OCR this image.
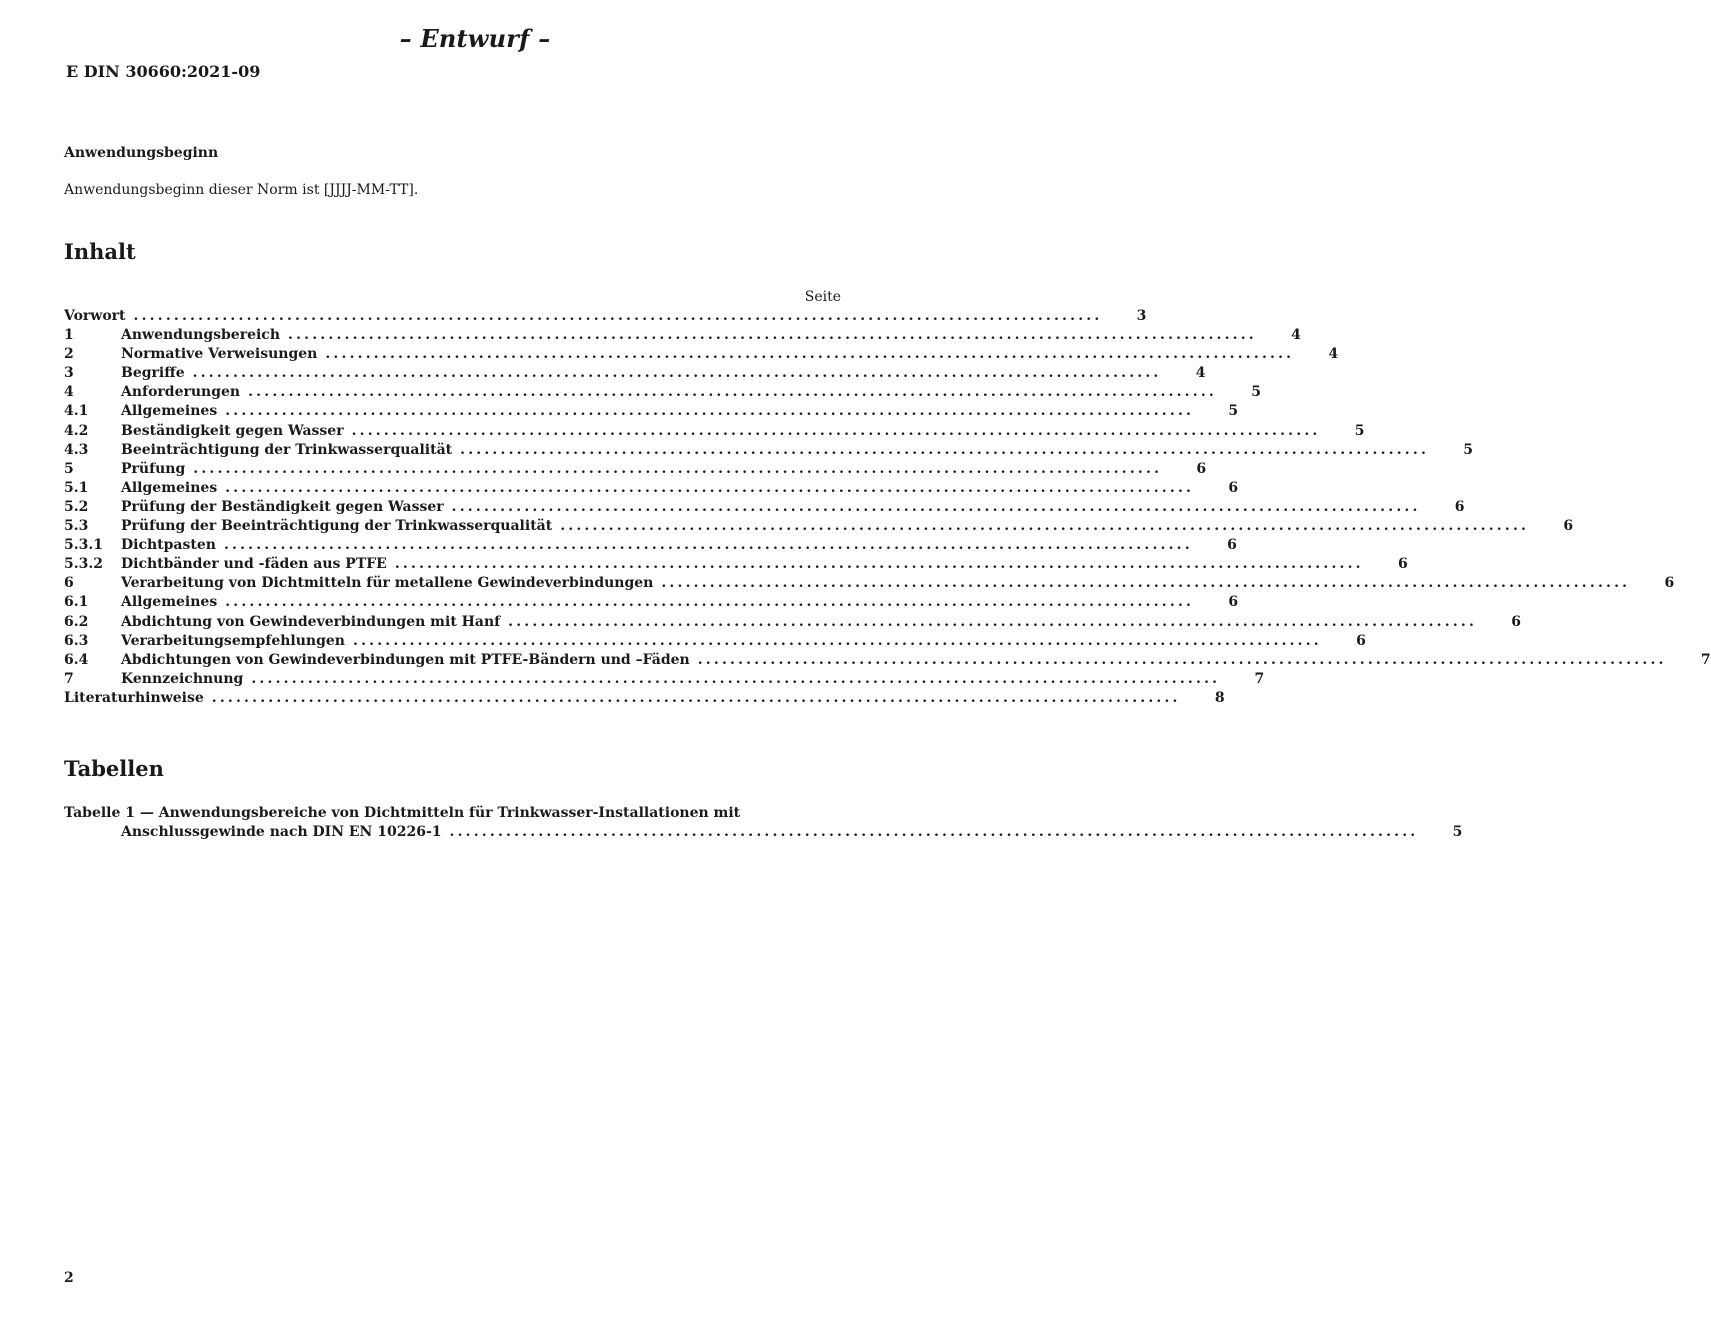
– Entwurf –
E DIN 30660:2021-09
Anwendungsbeginn
Anwendungsbeginn dieser Norm ist [JJJJ-MM-TT].
Inhalt
Seite
Vorwort ........................................................................................................................	3
1	Anwendungsbereich ........................................................................................................................	4
2	Normative Verweisungen ........................................................................................................................	4
3	Begriffe ........................................................................................................................	4
4	Anforderungen ........................................................................................................................	5
4.1	Allgemeines ........................................................................................................................	5
4.2	Beständigkeit gegen Wasser ........................................................................................................................	5
4.3	Beeinträchtigung der Trinkwasserqualität ........................................................................................................................	5
5	Prüfung ........................................................................................................................	6
5.1	Allgemeines ........................................................................................................................	6
5.2	Prüfung der Beständigkeit gegen Wasser ........................................................................................................................	6
5.3	Prüfung der Beeinträchtigung der Trinkwasserqualität ........................................................................................................................	6
5.3.1	Dichtpasten ........................................................................................................................	6
5.3.2	Dichtbänder und -fäden aus PTFE ........................................................................................................................	6
6	Verarbeitung von Dichtmitteln für metallene Gewindeverbindungen ........................................................................................................................	6
6.1	Allgemeines ........................................................................................................................	6
6.2	Abdichtung von Gewindeverbindungen mit Hanf ........................................................................................................................	6
6.3	Verarbeitungsempfehlungen ........................................................................................................................	6
6.4	Abdichtungen von Gewindeverbindungen mit PTFE-Bändern und –Fäden ........................................................................................................................	7
7	Kennzeichnung ........................................................................................................................	7
Literaturhinweise ........................................................................................................................	8
Tabellen
Tabelle 1 — Anwendungsbereiche von Dichtmitteln für Trinkwasser-Installationen mit
Anschlussgewinde nach DIN EN 10226-1 ........................................................................................................................	5
2
